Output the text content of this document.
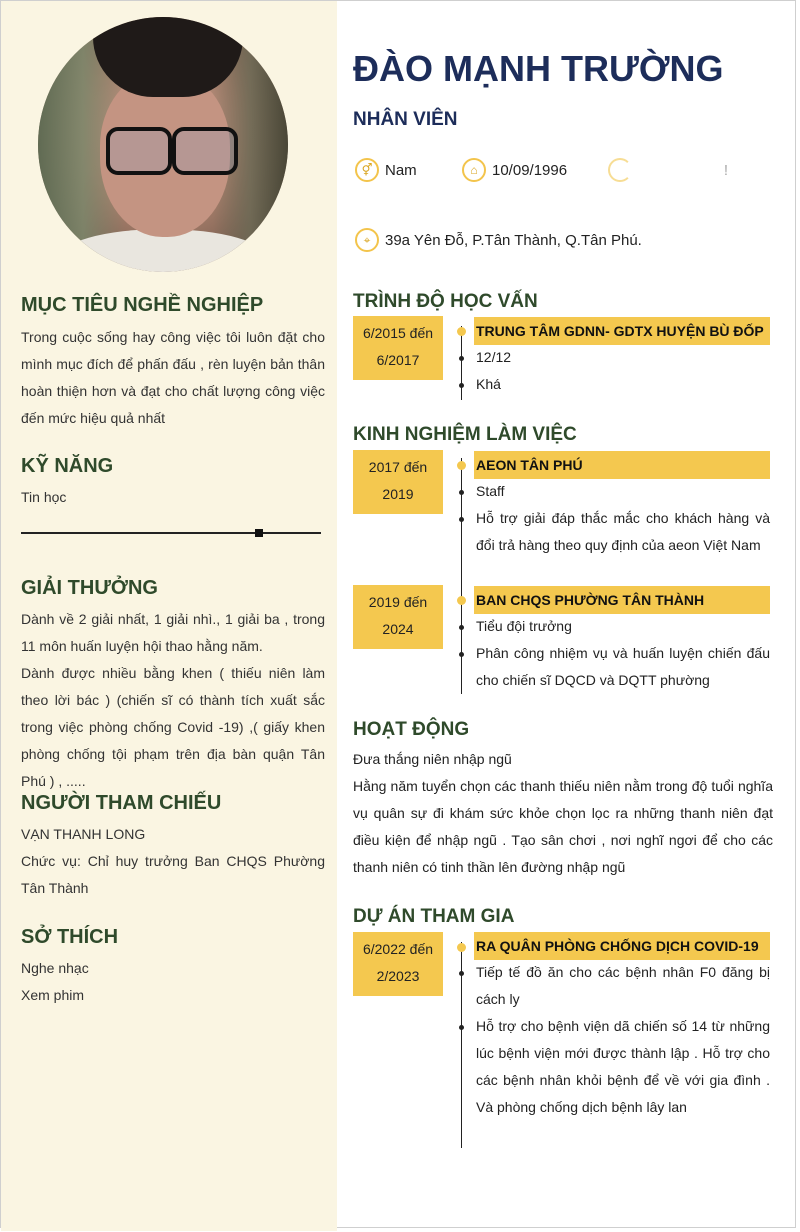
MỤC TIÊU NGHỀ NGHIỆP

Trong cuộc sống hay công việc tôi luôn đặt cho mình mục đích để phấn đấu , rèn luyện bản thân hoàn thiện hơn và đạt cho chất lượng công việc đến mức hiệu quả nhất

KỸ NĂNG

Tin học

GIẢI THƯỞNG

Dành về 2 giải nhất, 1 giải nhì., 1 giải ba , trong 11 môn huấn luyện hội thao hằng năm.
Dành được nhiều bằng khen ( thiếu niên làm theo lời bác ) (chiến sĩ có thành tích xuất sắc trong việc phòng chống Covid -19) ,( giấy khen phòng chống tội phạm trên địa bàn quận Tân Phú ) , .....

NGƯỜI THAM CHIẾU

VẠN THANH LONG

Chức vụ: Chỉ huy trưởng Ban CHQS Phường Tân Thành

SỞ THÍCH

Nghe nhạc

Xem phim

ĐÀO MẠNH TRƯỜNG
NHÂN VIÊN
⚥ Nam	⌂ 10/09/1996	!
⌖ 39a Yên Đỗ, P.Tân Thành, Q.Tân Phú.
TRÌNH ĐỘ HỌC VẤN
6/2015 đến 6/2017
TRUNG TÂM GDNN- GDTX HUYỆN BÙ ĐỐP

12/12

Khá

KINH NGHIỆM LÀM VIỆC
2017 đến 2019
AEON TÂN PHÚ

Staff

Hỗ trợ giải đáp thắc mắc cho khách hàng và đổi trả hàng theo quy định của aeon Việt Nam

2019 đến 2024
BAN CHQS PHƯỜNG TÂN THÀNH

Tiểu đội trưởng

Phân công nhiệm vụ và huấn luyện chiến đấu cho chiến sĩ DQCD và DQTT phường

HOẠT ĐỘNG

Đưa thắng niên nhập ngũ

Hằng năm tuyển chọn các thanh thiếu niên nằm trong độ tuổi nghĩa vụ quân sự đi khám sức khỏe chọn lọc ra những thanh niên đạt điều kiện để nhập ngũ . Tạo sân chơi , nơi nghĩ ngơi để cho các thanh niên có tinh thần lên đường nhập ngũ

DỰ ÁN THAM GIA
6/2022 đến 2/2023
RA QUÂN PHÒNG CHỐNG DỊCH COVID-19

Tiếp tế đồ ăn cho các bệnh nhân F0 đăng bị cách ly

Hỗ trợ cho bệnh viện dã chiến số 14 từ những lúc bệnh viện mới được thành lập . Hỗ trợ cho các bệnh nhân khỏi bệnh để về với gia đình . Và phòng chống dịch bệnh lây lan
